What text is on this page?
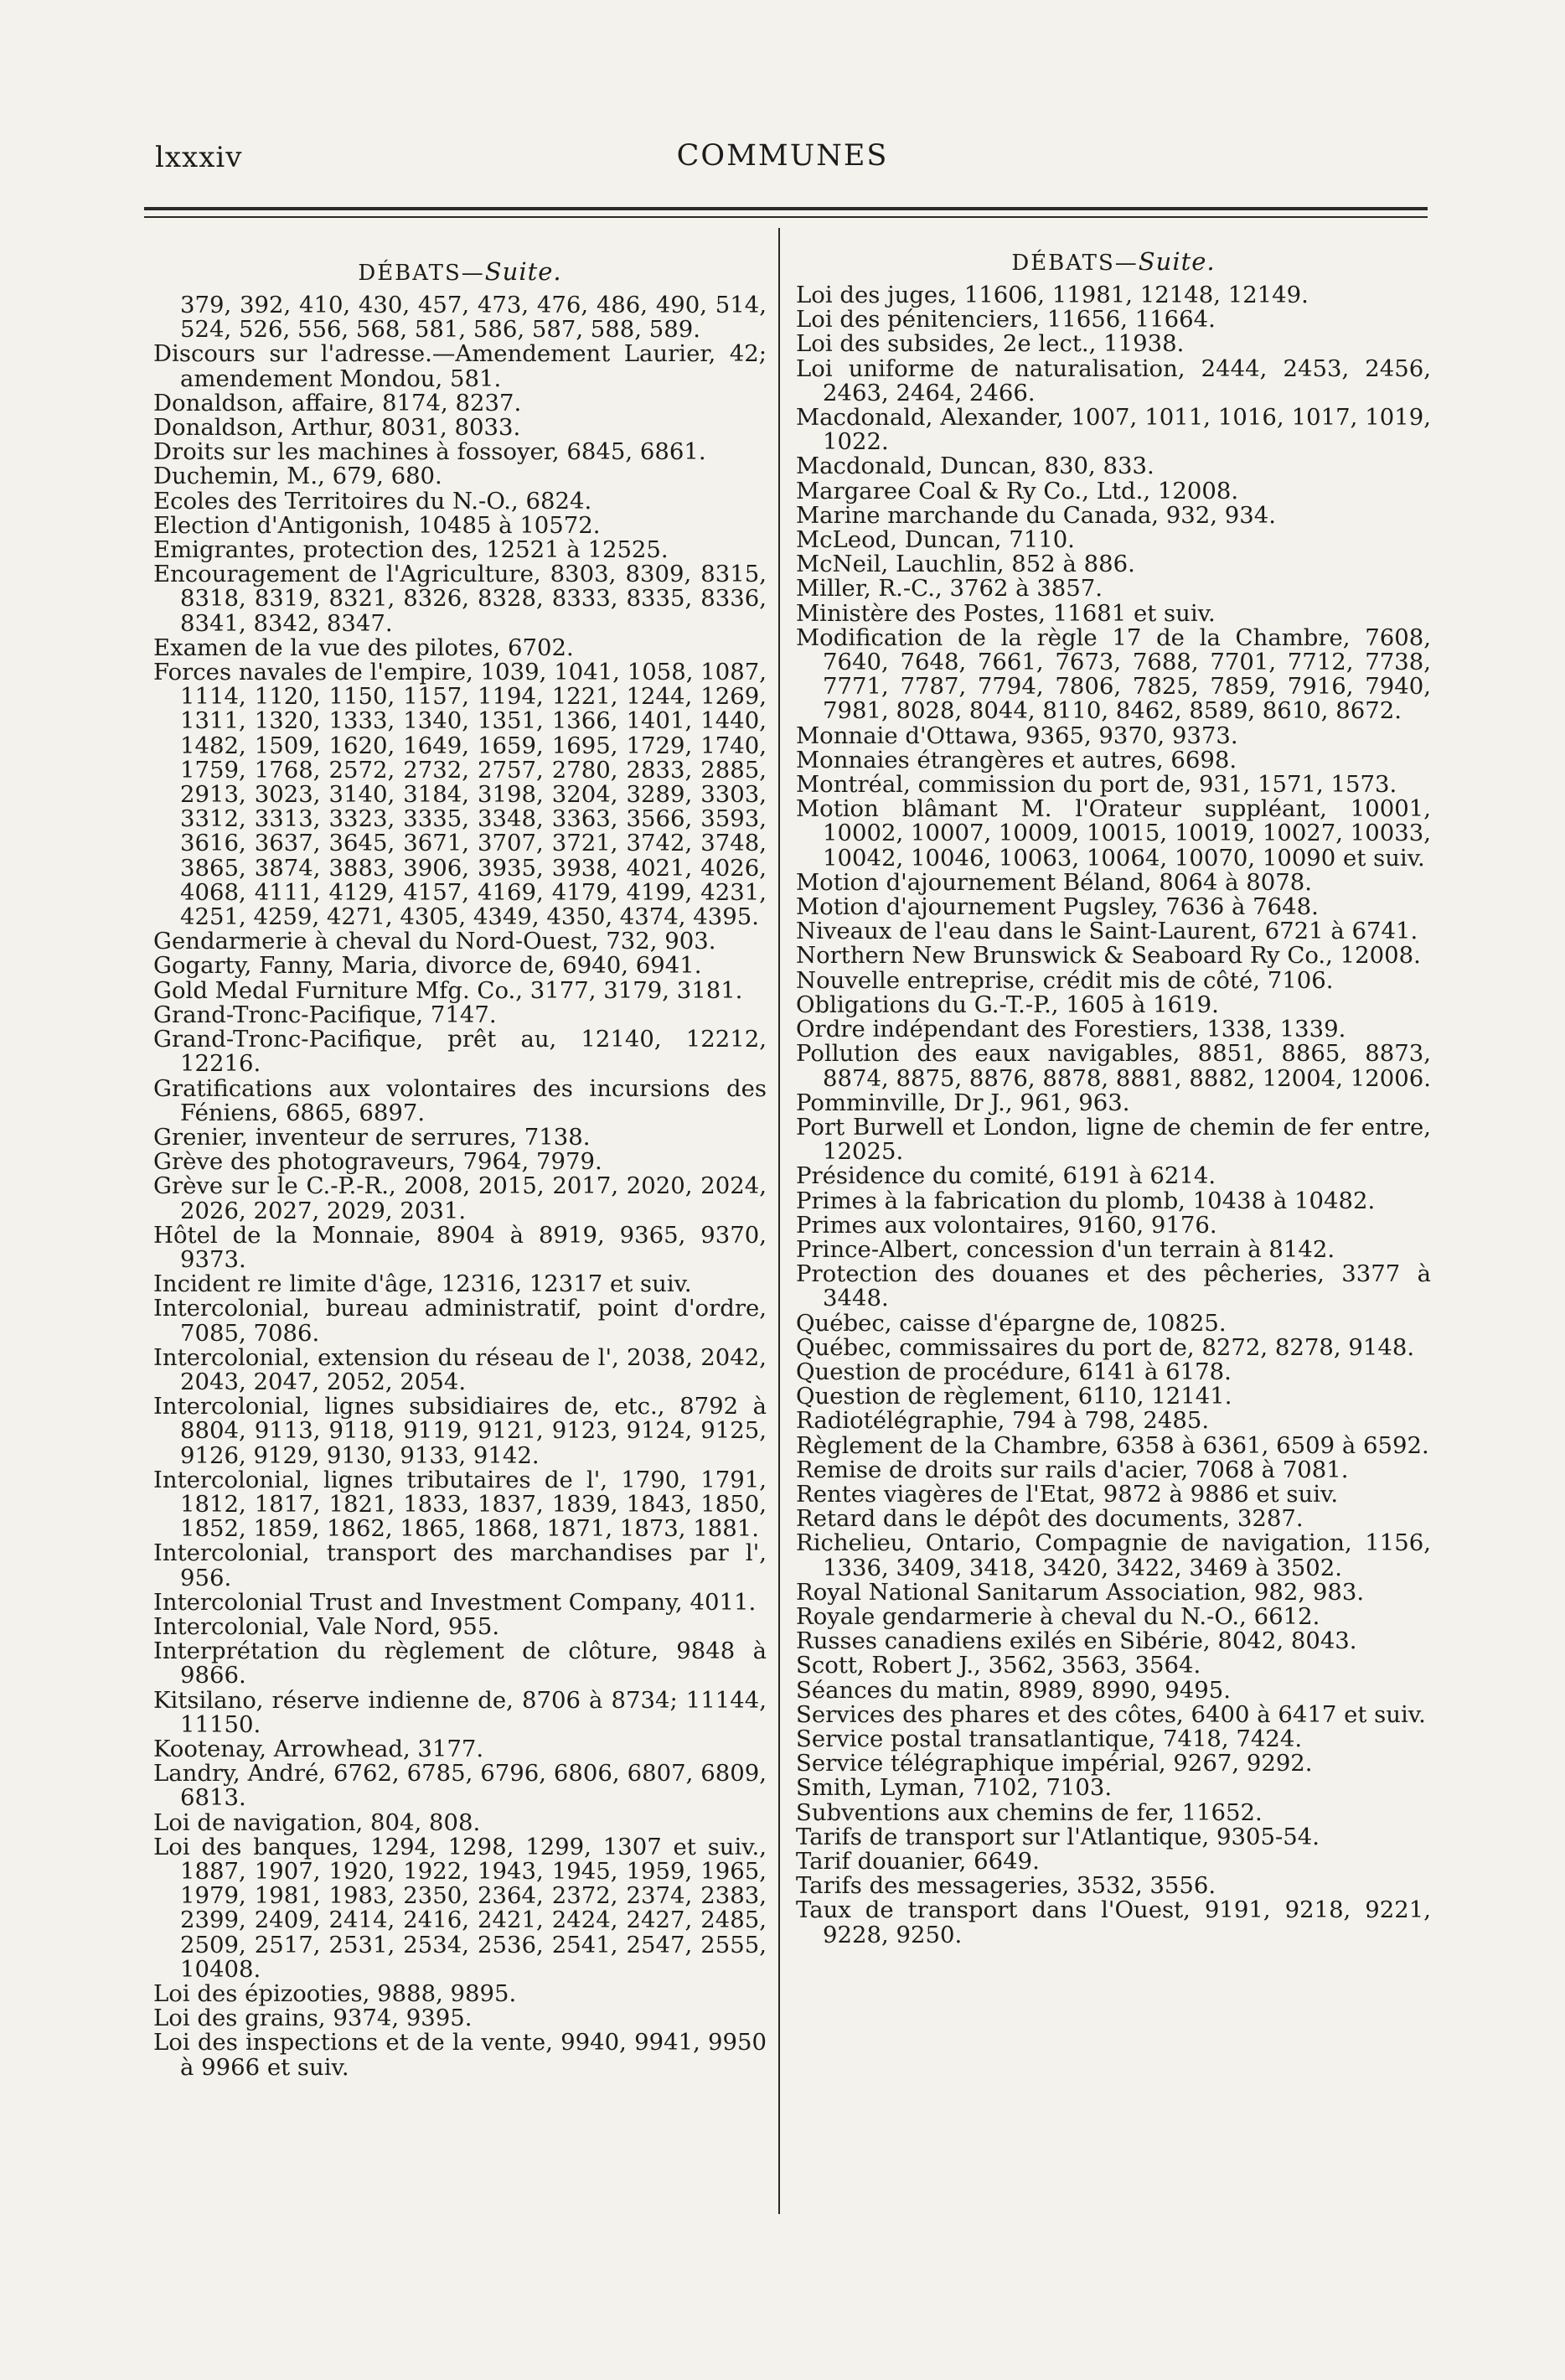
lxxxiv	COMMUNES
DÉBATS—Suite.
379, 392, 410, 430, 457, 473, 476, 486, 490, 514, 524, 526, 556, 568, 581, 586, 587, 588, 589.
Discours sur l'adresse.—Amendement Laurier, 42; amendement Mondou, 581.
Donaldson, affaire, 8174, 8237.
Donaldson, Arthur, 8031, 8033.
Droits sur les machines à fossoyer, 6845, 6861.
Duchemin, M., 679, 680.
Ecoles des Territoires du N.-O., 6824.
Election d'Antigonish, 10485 à 10572.
Emigrantes, protection des, 12521 à 12525.
Encouragement de l'Agriculture, 8303, 8309, 8315, 8318, 8319, 8321, 8326, 8328, 8333, 8335, 8336, 8341, 8342, 8347.
Examen de la vue des pilotes, 6702.
Forces navales de l'empire, 1039, 1041, 1058, 1087, 1114, 1120, 1150, 1157, 1194, 1221, 1244, 1269, 1311, 1320, 1333, 1340, 1351, 1366, 1401, 1440, 1482, 1509, 1620, 1649, 1659, 1695, 1729, 1740, 1759, 1768, 2572, 2732, 2757, 2780, 2833, 2885, 2913, 3023, 3140, 3184, 3198, 3204, 3289, 3303, 3312, 3313, 3323, 3335, 3348, 3363, 3566, 3593, 3616, 3637, 3645, 3671, 3707, 3721, 3742, 3748, 3865, 3874, 3883, 3906, 3935, 3938, 4021, 4026, 4068, 4111, 4129, 4157, 4169, 4179, 4199, 4231, 4251, 4259, 4271, 4305, 4349, 4350, 4374, 4395.
Gendarmerie à cheval du Nord-Ouest, 732, 903.
Gogarty, Fanny, Maria, divorce de, 6940, 6941.
Gold Medal Furniture Mfg. Co., 3177, 3179, 3181.
Grand-Tronc-Pacifique, 7147.
Grand-Tronc-Pacifique, prêt au, 12140, 12212, 12216.
Gratifications aux volontaires des incursions des Féniens, 6865, 6897.
Grenier, inventeur de serrures, 7138.
Grève des photograveurs, 7964, 7979.
Grève sur le C.-P.-R., 2008, 2015, 2017, 2020, 2024, 2026, 2027, 2029, 2031.
Hôtel de la Monnaie, 8904 à 8919, 9365, 9370, 9373.
Incident re limite d'âge, 12316, 12317 et suiv.
Intercolonial, bureau administratif, point d'ordre, 7085, 7086.
Intercolonial, extension du réseau de l', 2038, 2042, 2043, 2047, 2052, 2054.
Intercolonial, lignes subsidiaires de, etc., 8792 à 8804, 9113, 9118, 9119, 9121, 9123, 9124, 9125, 9126, 9129, 9130, 9133, 9142.
Intercolonial, lignes tributaires de l', 1790, 1791, 1812, 1817, 1821, 1833, 1837, 1839, 1843, 1850, 1852, 1859, 1862, 1865, 1868, 1871, 1873, 1881.
Intercolonial, transport des marchandises par l', 956.
Intercolonial Trust and Investment Company, 4011.
Intercolonial, Vale Nord, 955.
Interprétation du règlement de clôture, 9848 à 9866.
Kitsilano, réserve indienne de, 8706 à 8734; 11144, 11150.
Kootenay, Arrowhead, 3177.
Landry, André, 6762, 6785, 6796, 6806, 6807, 6809, 6813.
Loi de navigation, 804, 808.
Loi des banques, 1294, 1298, 1299, 1307 et suiv., 1887, 1907, 1920, 1922, 1943, 1945, 1959, 1965, 1979, 1981, 1983, 2350, 2364, 2372, 2374, 2383, 2399, 2409, 2414, 2416, 2421, 2424, 2427, 2485, 2509, 2517, 2531, 2534, 2536, 2541, 2547, 2555, 10408.
Loi des épizooties, 9888, 9895.
Loi des grains, 9374, 9395.
Loi des inspections et de la vente, 9940, 9941, 9950 à 9966 et suiv.
DÉBATS—Suite.
Loi des juges, 11606, 11981, 12148, 12149.
Loi des pénitenciers, 11656, 11664.
Loi des subsides, 2e lect., 11938.
Loi uniforme de naturalisation, 2444, 2453, 2456, 2463, 2464, 2466.
Macdonald, Alexander, 1007, 1011, 1016, 1017, 1019, 1022.
Macdonald, Duncan, 830, 833.
Margaree Coal & Ry Co., Ltd., 12008.
Marine marchande du Canada, 932, 934.
McLeod, Duncan, 7110.
McNeil, Lauchlin, 852 à 886.
Miller, R.-C., 3762 à 3857.
Ministère des Postes, 11681 et suiv.
Modification de la règle 17 de la Chambre, 7608, 7640, 7648, 7661, 7673, 7688, 7701, 7712, 7738, 7771, 7787, 7794, 7806, 7825, 7859, 7916, 7940, 7981, 8028, 8044, 8110, 8462, 8589, 8610, 8672.
Monnaie d'Ottawa, 9365, 9370, 9373.
Monnaies étrangères et autres, 6698.
Montréal, commission du port de, 931, 1571, 1573.
Motion blâmant M. l'Orateur suppléant, 10001, 10002, 10007, 10009, 10015, 10019, 10027, 10033, 10042, 10046, 10063, 10064, 10070, 10090 et suiv.
Motion d'ajournement Béland, 8064 à 8078.
Motion d'ajournement Pugsley, 7636 à 7648.
Niveaux de l'eau dans le Saint-Laurent, 6721 à 6741.
Northern New Brunswick & Seaboard Ry Co., 12008.
Nouvelle entreprise, crédit mis de côté, 7106.
Obligations du G.-T.-P., 1605 à 1619.
Ordre indépendant des Forestiers, 1338, 1339.
Pollution des eaux navigables, 8851, 8865, 8873, 8874, 8875, 8876, 8878, 8881, 8882, 12004, 12006.
Pomminville, Dr J., 961, 963.
Port Burwell et London, ligne de chemin de fer entre, 12025.
Présidence du comité, 6191 à 6214.
Primes à la fabrication du plomb, 10438 à 10482.
Primes aux volontaires, 9160, 9176.
Prince-Albert, concession d'un terrain à 8142.
Protection des douanes et des pêcheries, 3377 à 3448.
Québec, caisse d'épargne de, 10825.
Québec, commissaires du port de, 8272, 8278, 9148.
Question de procédure, 6141 à 6178.
Question de règlement, 6110, 12141.
Radiotélégraphie, 794 à 798, 2485.
Règlement de la Chambre, 6358 à 6361, 6509 à 6592.
Remise de droits sur rails d'acier, 7068 à 7081.
Rentes viagères de l'Etat, 9872 à 9886 et suiv.
Retard dans le dépôt des documents, 3287.
Richelieu, Ontario, Compagnie de navigation, 1156, 1336, 3409, 3418, 3420, 3422, 3469 à 3502.
Royal National Sanitarum Association, 982, 983.
Royale gendarmerie à cheval du N.-O., 6612.
Russes canadiens exilés en Sibérie, 8042, 8043.
Scott, Robert J., 3562, 3563, 3564.
Séances du matin, 8989, 8990, 9495.
Services des phares et des côtes, 6400 à 6417 et suiv.
Service postal transatlantique, 7418, 7424.
Service télégraphique impérial, 9267, 9292.
Smith, Lyman, 7102, 7103.
Subventions aux chemins de fer, 11652.
Tarifs de transport sur l'Atlantique, 9305-54.
Tarif douanier, 6649.
Tarifs des messageries, 3532, 3556.
Taux de transport dans l'Ouest, 9191, 9218, 9221, 9228, 9250.
